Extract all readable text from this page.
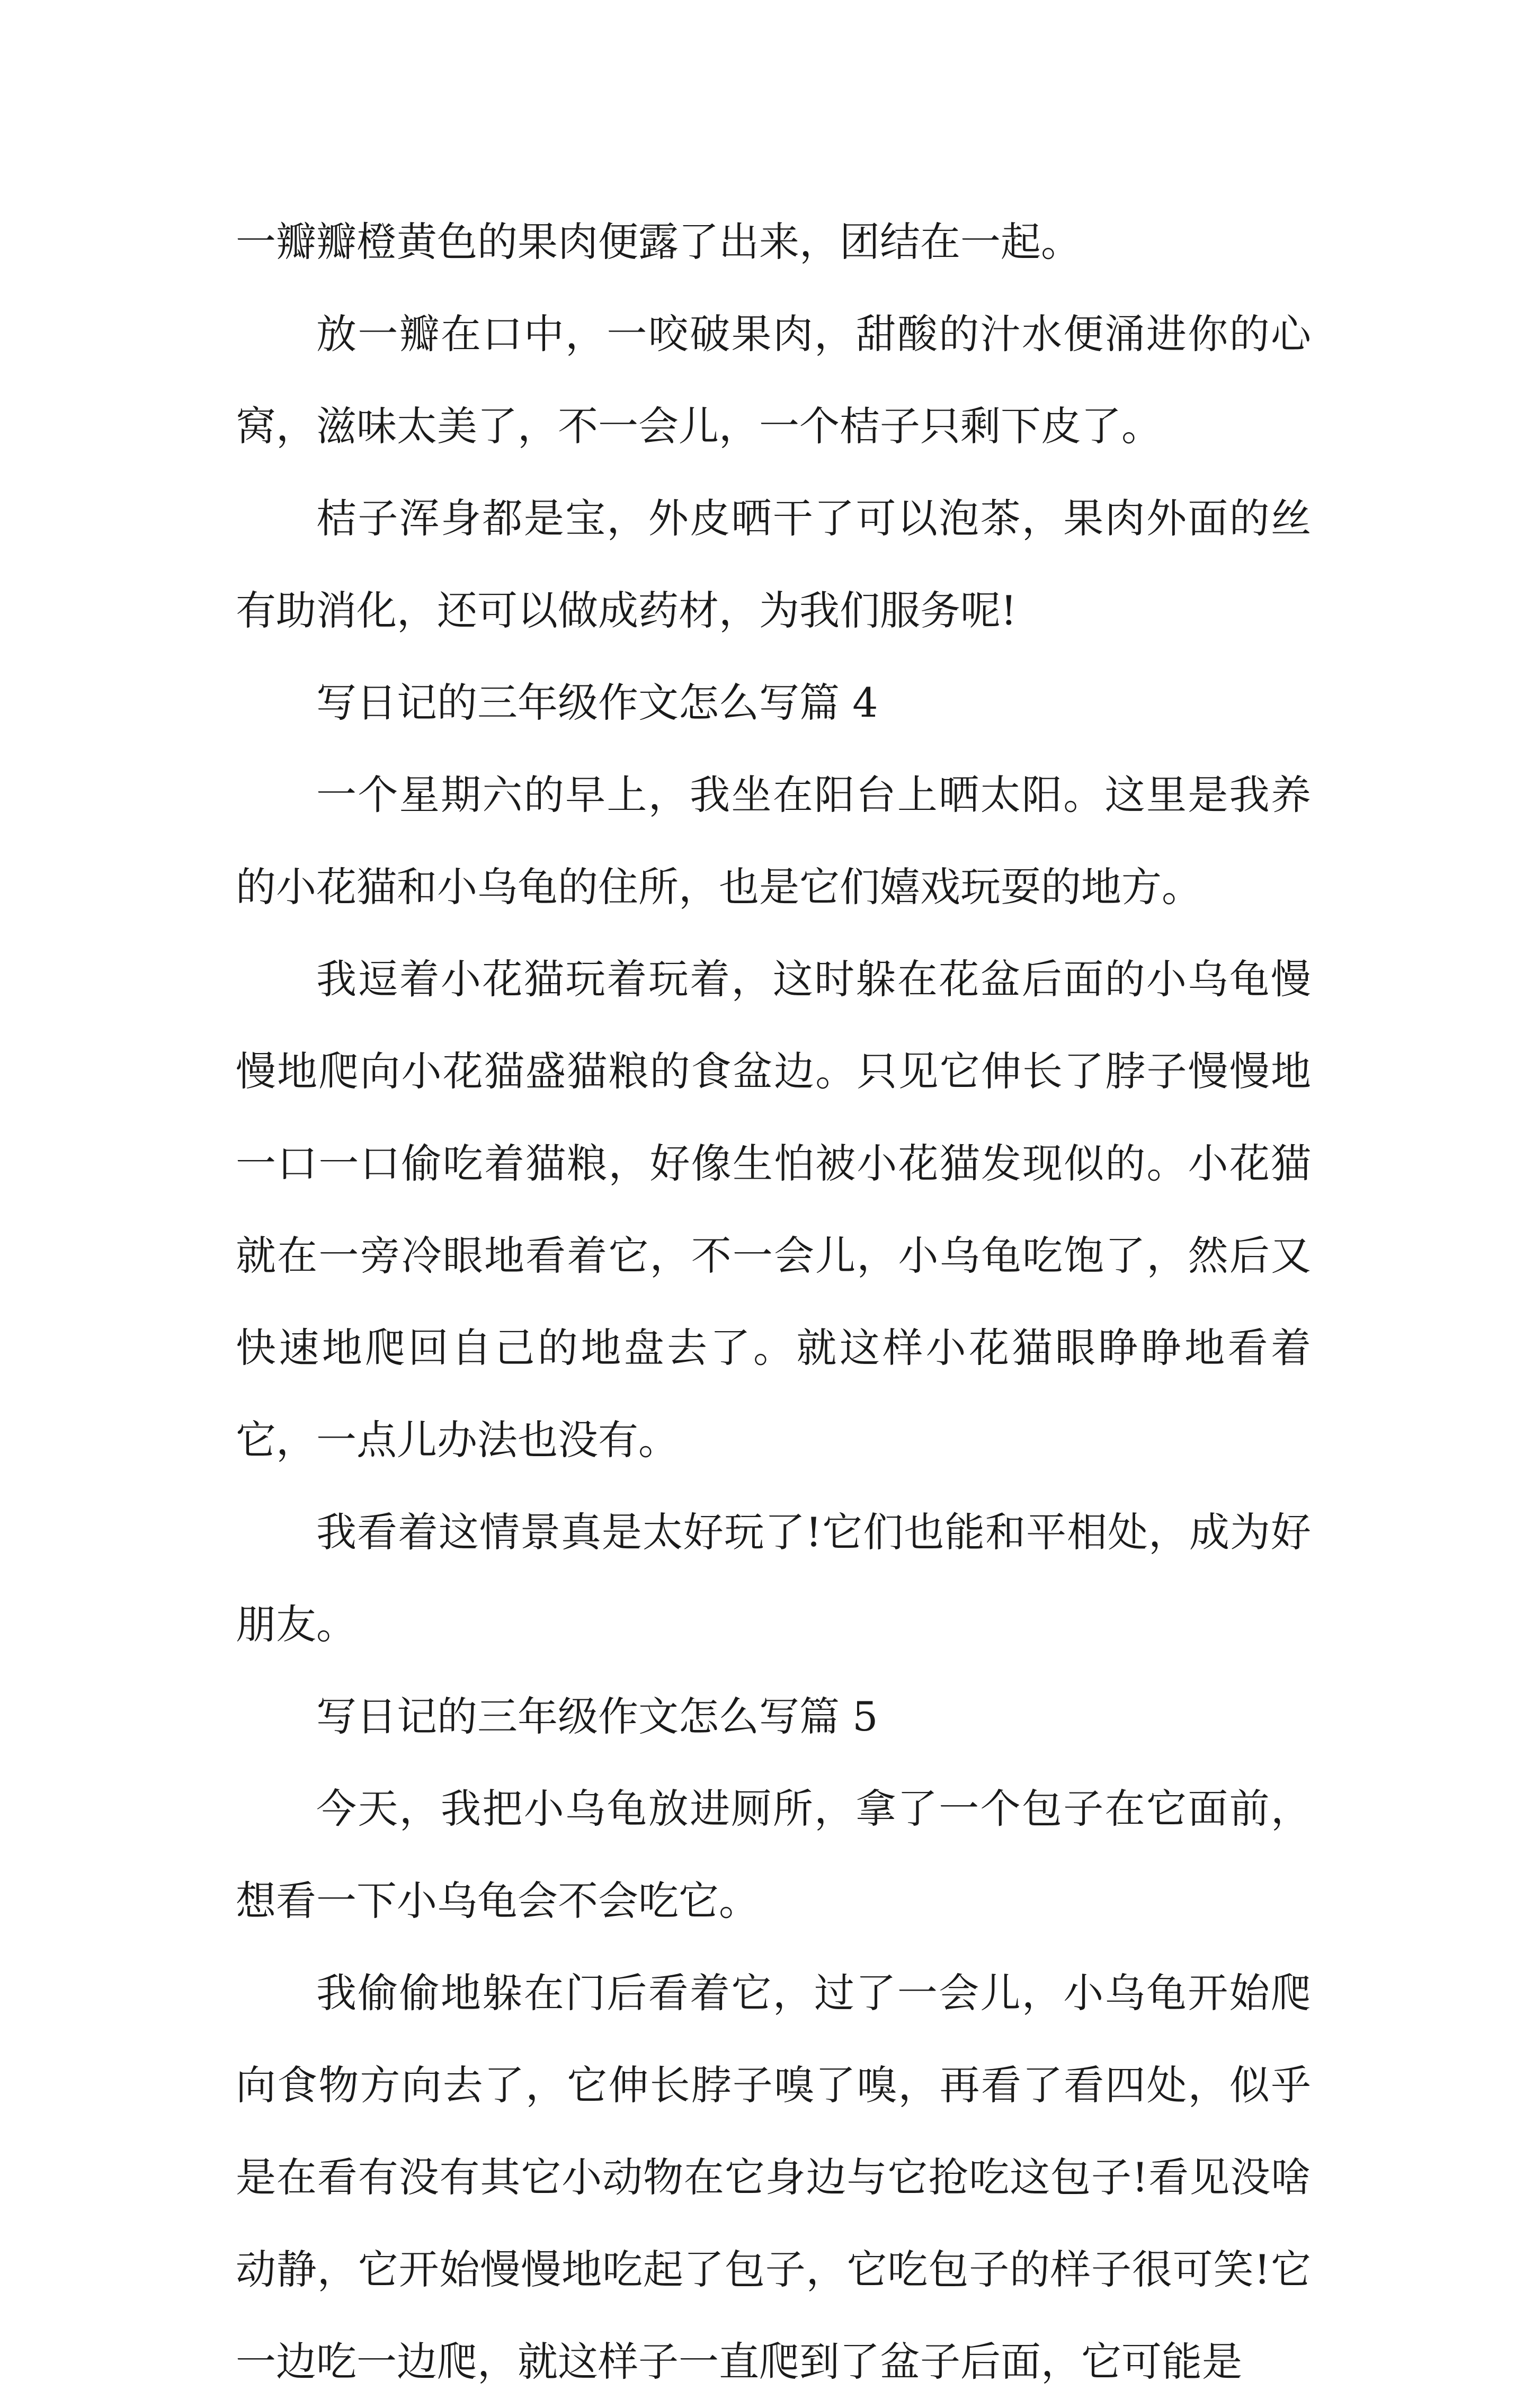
一瓣瓣橙黄色的果肉便露了出来，团结在一起。

放一瓣在口中，一咬破果肉，甜酸的汁水便涌进你的心窝，滋味太美了，不一会儿，一个桔子只剩下皮了。

桔子浑身都是宝，外皮晒干了可以泡茶，果肉外面的丝有助消化，还可以做成药材，为我们服务呢!

写日记的三年级作文怎么写篇 4

一个星期六的早上，我坐在阳台上晒太阳。这里是我养的小花猫和小乌龟的住所，也是它们嬉戏玩耍的地方。

我逗着小花猫玩着玩着，这时躲在花盆后面的小乌龟慢慢地爬向小花猫盛猫粮的食盆边。只见它伸长了脖子慢慢地一口一口偷吃着猫粮，好像生怕被小花猫发现似的。小花猫就在一旁冷眼地看着它，不一会儿，小乌龟吃饱了，然后又快速地爬回自己的地盘去了。就这样小花猫眼睁睁地看着它，一点儿办法也没有。

我看着这情景真是太好玩了!它们也能和平相处，成为好朋友。

写日记的三年级作文怎么写篇 5

今天，我把小乌龟放进厕所，拿了一个包子在它面前，想看一下小乌龟会不会吃它。

我偷偷地躲在门后看着它，过了一会儿，小乌龟开始爬向食物方向去了，它伸长脖子嗅了嗅，再看了看四处，似乎是在看有没有其它小动物在它身边与它抢吃这包子!看见没啥动静，它开始慢慢地吃起了包子，它吃包子的样子很可笑!它一边吃一边爬，就这样子一直爬到了盆子后面，它可能是
